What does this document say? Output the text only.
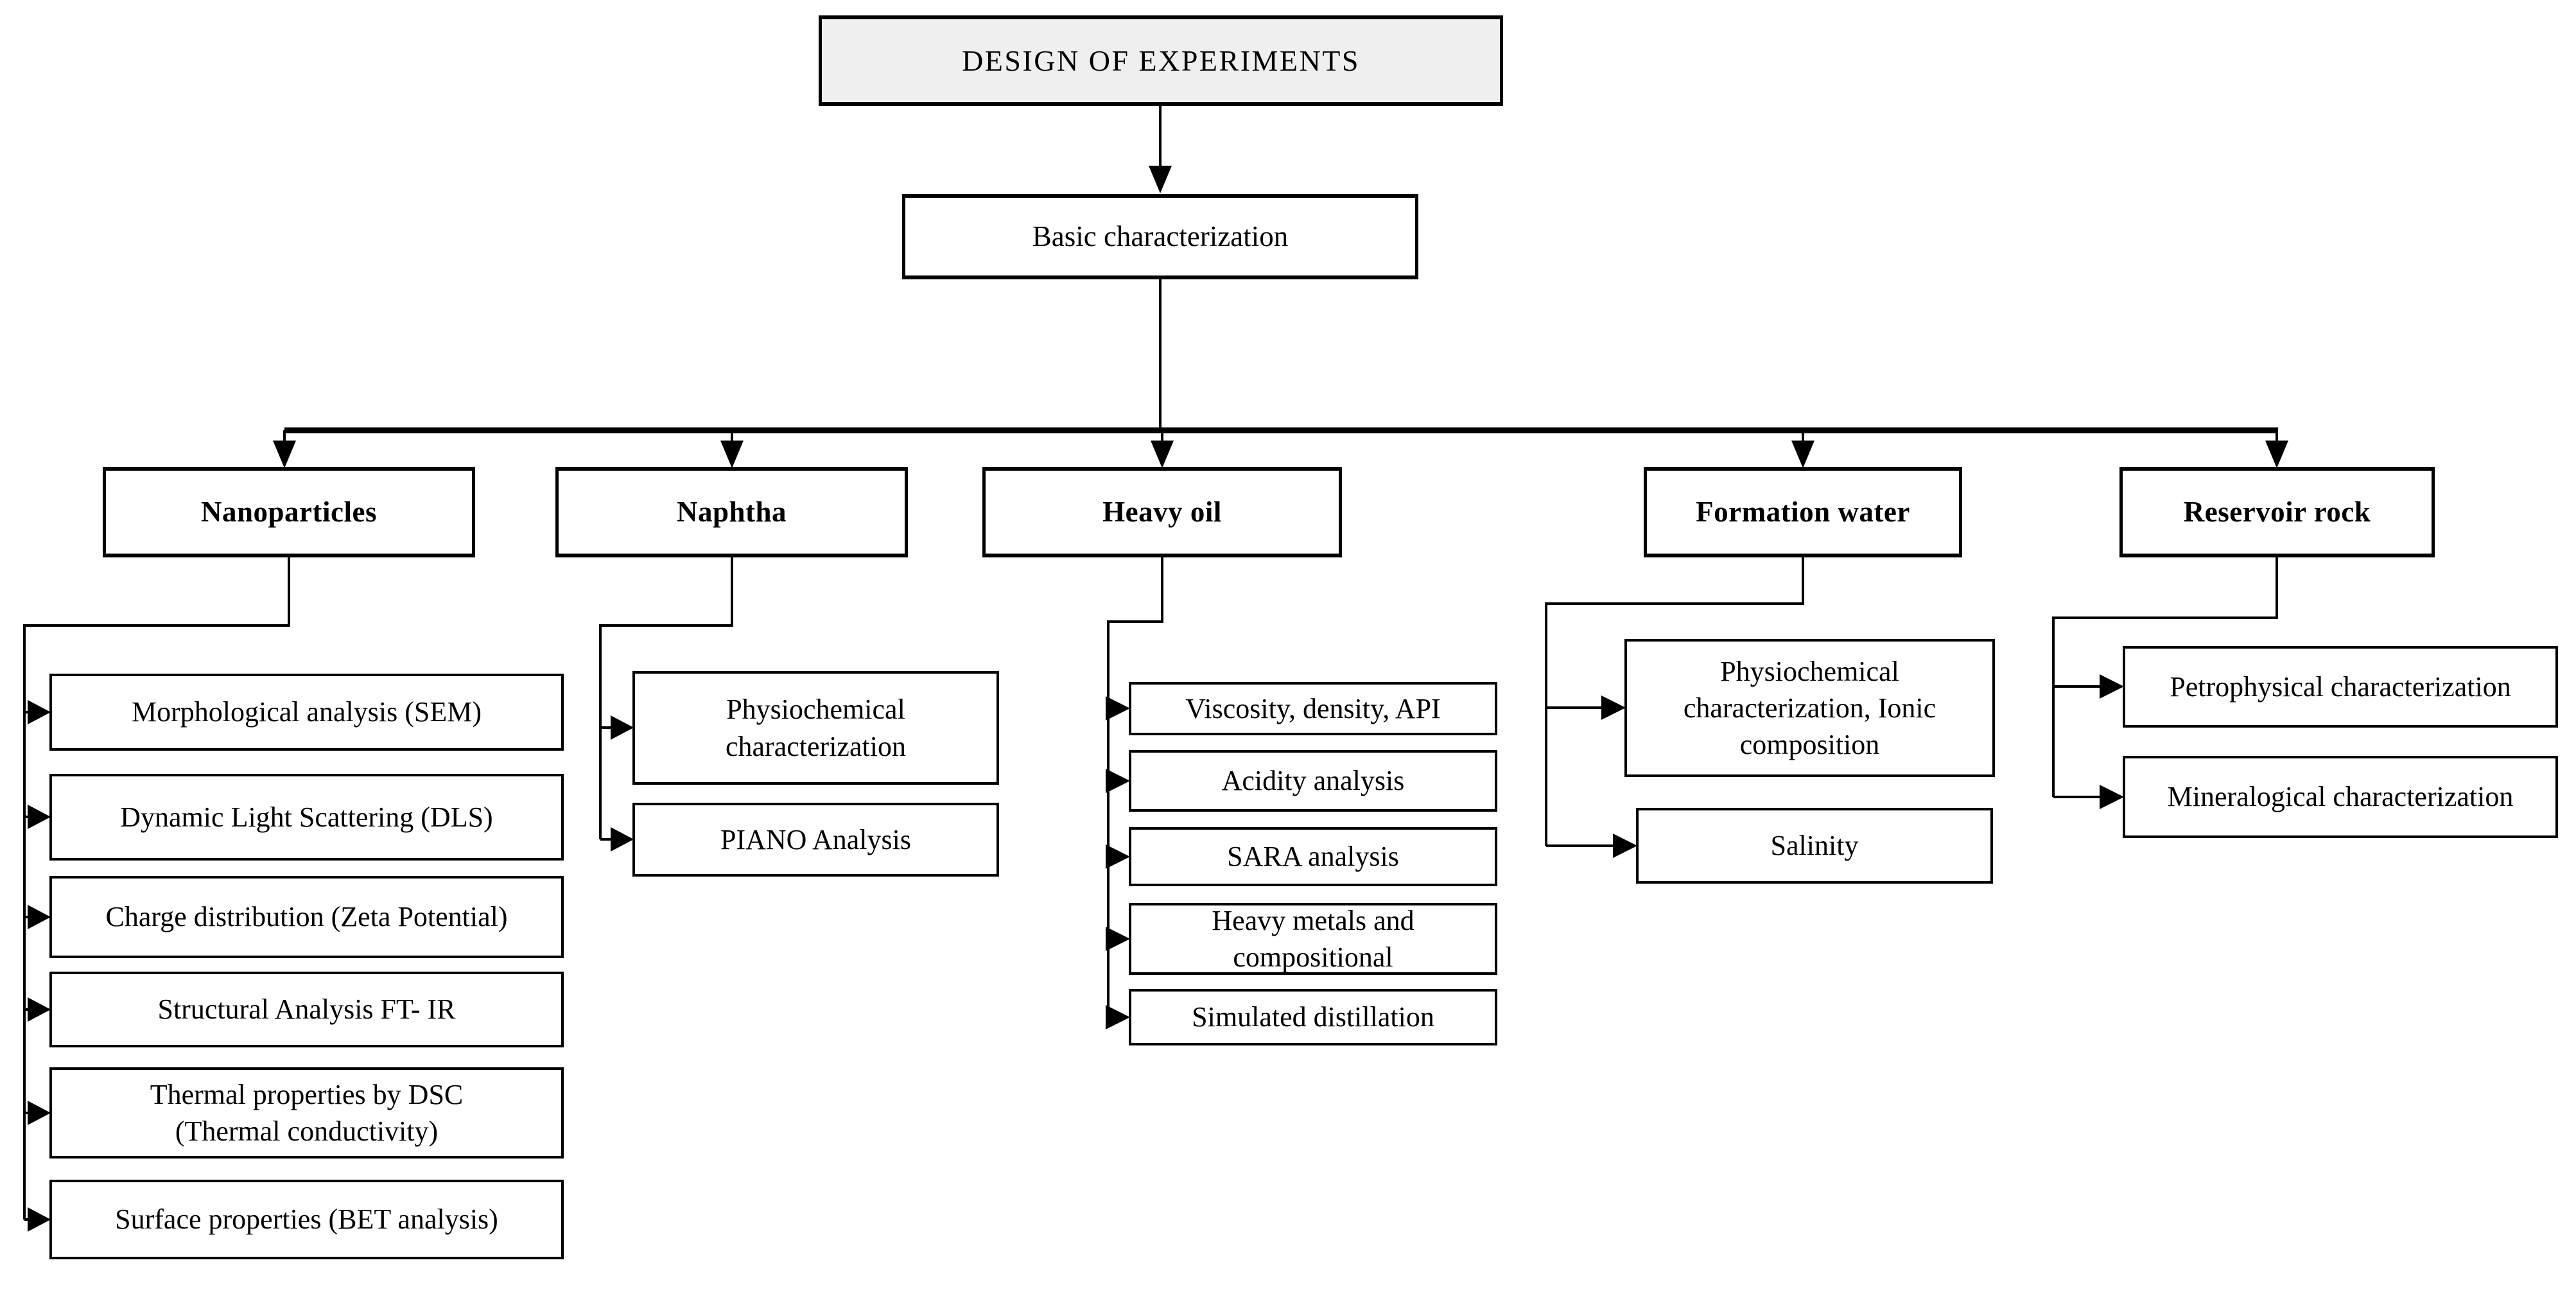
DESIGN OF EXPERIMENTS
Basic characterization
Nanoparticles	Naphtha	Heavy oil	Formation water	Reservoir rock
Morphological analysis (SEM)
Dynamic Light Scattering (DLS)
Charge distribution (Zeta Potential)
Structural Analysis FT- IR
Thermal properties by DSC (Thermal conductivity)
Surface properties (BET analysis)
Physiochemical characterization
PIANO Analysis
Viscosity, density, API
Acidity analysis
SARA analysis
Heavy metals and compositional
Simulated distillation
Physiochemical characterization, Ionic composition
Salinity
Petrophysical characterization
Mineralogical characterization
